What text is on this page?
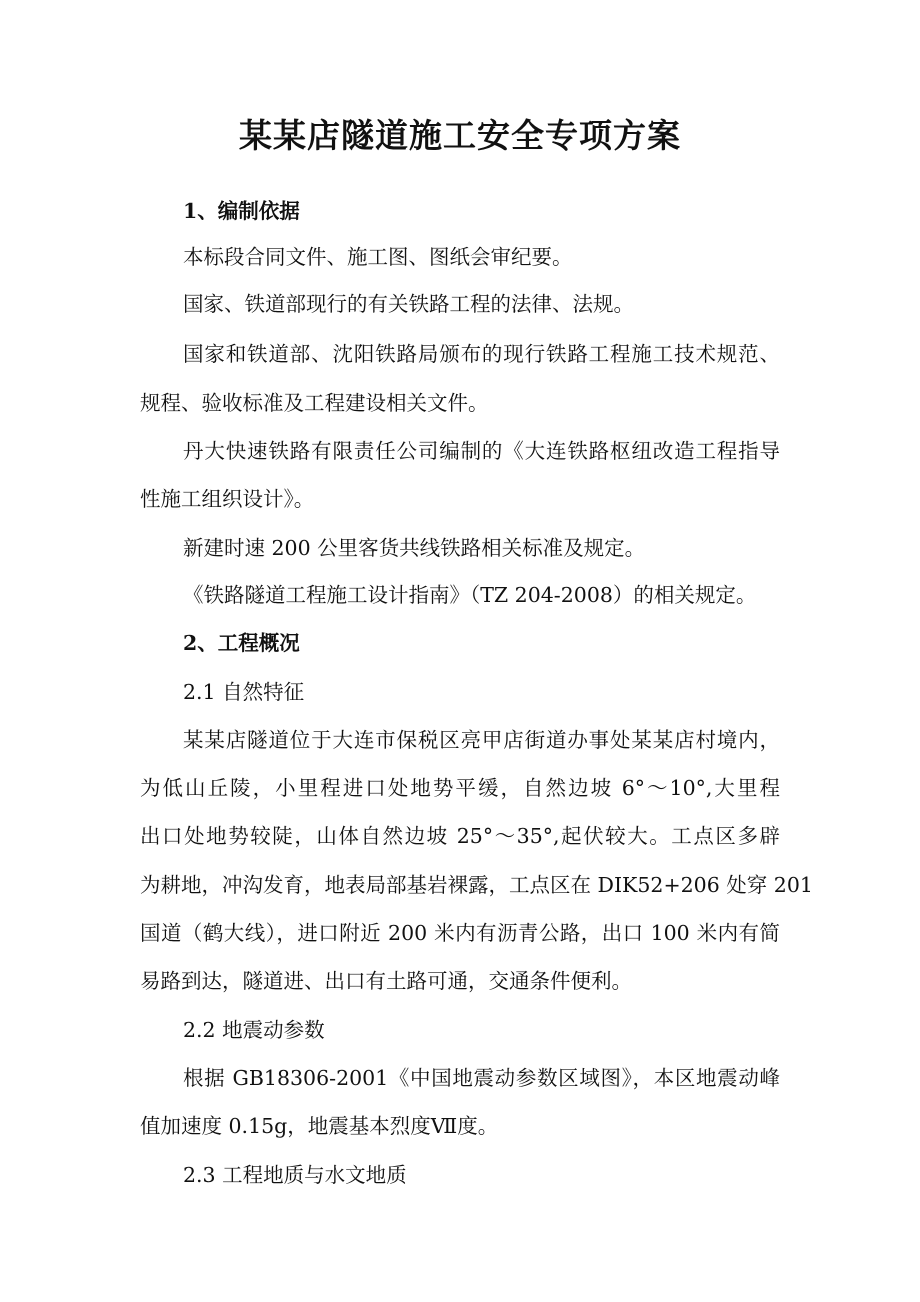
某某店隧道施工安全专项方案

1、编制依据

本标段合同文件、施工图、图纸会审纪要。

国家、铁道部现行的有关铁路工程的法律、法规。

国家和铁道部、沈阳铁路局颁布的现行铁路工程施工技术规范、

规程、验收标准及工程建设相关文件。

丹大快速铁路有限责任公司编制的《大连铁路枢纽改造工程指导

性施工组织设计》。

新建时速 200 公里客货共线铁路相关标准及规定。

《铁路隧道工程施工设计指南》（TZ 204-2008）的相关规定。

2、工程概况

2.1 自然特征

某某店隧道位于大连市保税区亮甲店街道办事处某某店村境内，

为低山丘陵，小里程进口处地势平缓，自然边坡 6°～10°,大里程

出口处地势较陡，山体自然边坡 25°～35°,起伏较大。工点区多辟

为耕地，冲沟发育，地表局部基岩裸露，工点区在 DIK52+206 处穿 201

国道（鹤大线），进口附近 200 米内有沥青公路，出口 100 米内有简

易路到达，隧道进、出口有土路可通，交通条件便利。

2.2 地震动参数

根据 GB18306-2001《中国地震动参数区域图》，本区地震动峰

值加速度 0.15g，地震基本烈度Ⅶ度。

2.3 工程地质与水文地质
